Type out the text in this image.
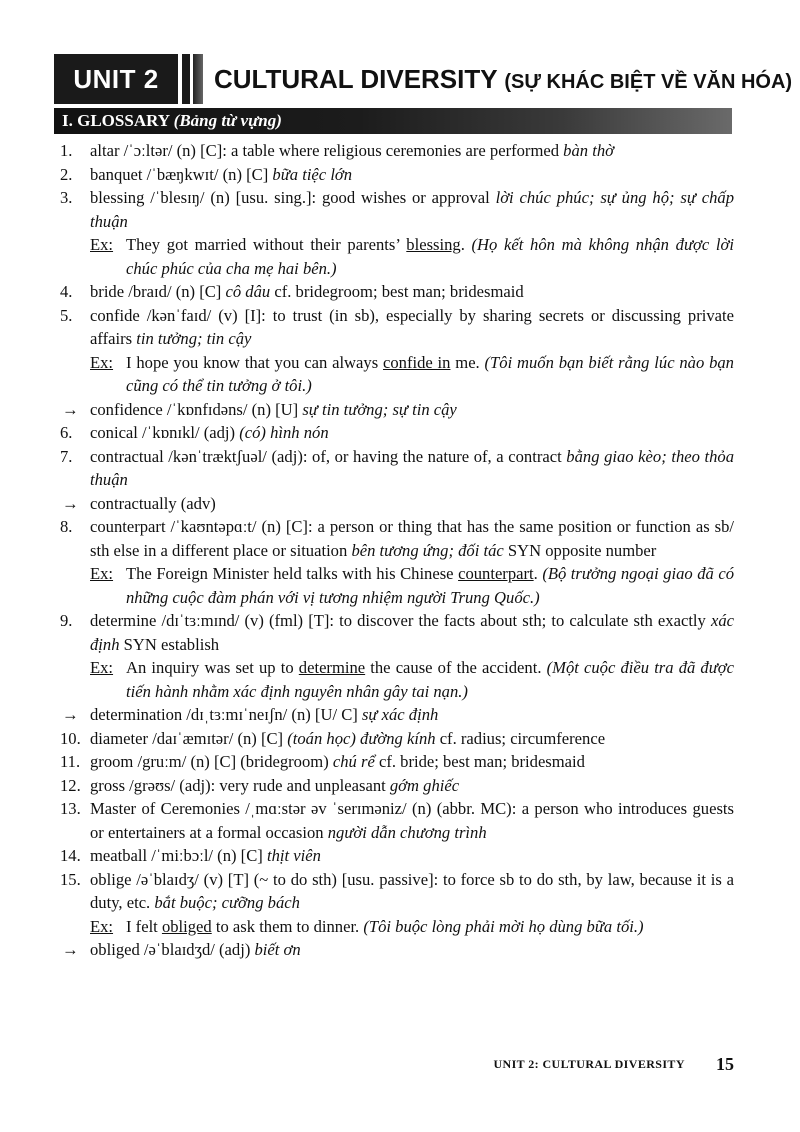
UNIT 2	CULTURAL DIVERSITY (SỰ KHÁC BIỆT VỀ VĂN HÓA)
I. GLOSSARY (Bảng từ vựng)
1.	altar /ˈɔːltər/ (n) [C]: a table where religious ceremonies are performed bàn thờ
2.	banquet /ˈbæŋkwɪt/ (n) [C] bữa tiệc lớn
3.	blessing /ˈblesɪŋ/ (n) [usu. sing.]: good wishes or approval lời chúc phúc; sự ủng hộ; sự chấp thuận
Ex: They got married without their parents’ blessing. (Họ kết hôn mà không nhận được lời chúc phúc của cha mẹ hai bên.)
4.	bride /braɪd/ (n) [C] cô dâu cf. bridegroom; best man; bridesmaid
5.	confide /kənˈfaɪd/ (v) [I]: to trust (in sb), especially by sharing secrets or discussing private affairs tin tưởng; tin cậy
Ex: I hope you know that you can always confide in me. (Tôi muốn bạn biết rằng lúc nào bạn cũng có thể tin tưởng ở tôi.)
→ confidence /ˈkɒnfɪdəns/ (n) [U] sự tin tưởng; sự tin cậy
6.	conical /ˈkɒnɪkl/ (adj) (có) hình nón
7.	contractual /kənˈtræktʃuəl/ (adj): of, or having the nature of, a contract bằng giao kèo; theo thỏa thuận
→ contractually (adv)
8.	counterpart /ˈkaʊntəpɑːt/ (n) [C]: a person or thing that has the same position or function as sb/ sth else in a different place or situation bên tương ứng; đối tác SYN opposite number
Ex: The Foreign Minister held talks with his Chinese counterpart. (Bộ trưởng ngoại giao đã có những cuộc đàm phán với vị tương nhiệm người Trung Quốc.)
9.	determine /dɪˈtɜːmɪnd/ (v) (fml) [T]: to discover the facts about sth; to calculate sth exactly xác định SYN establish
Ex: An inquiry was set up to determine the cause of the accident. (Một cuộc điều tra đã được tiến hành nhằm xác định nguyên nhân gây tai nạn.)
→ determination /dɪˌtɜːmɪˈneɪʃn/ (n) [U/ C] sự xác định
10. diameter /daɪˈæmɪtər/ (n) [C] (toán học) đường kính cf. radius; circumference
11. groom /gruːm/ (n) [C] (bridegroom) chú rể cf. bride; best man; bridesmaid
12. gross /grəʊs/ (adj): very rude and unpleasant gớm ghiếc
13. Master of Ceremonies /ˌmɑːstər əv ˈserɪməniz/ (n) (abbr. MC): a person who introduces guests or entertainers at a formal occasion người dẫn chương trình
14. meatball /ˈmiːbɔːl/ (n) [C] thịt viên
15. oblige /əˈblaɪdʒ/ (v) [T] (~ to do sth) [usu. passive]: to force sb to do sth, by law, because it is a duty, etc. bắt buộc; cưỡng bách
Ex: I felt obliged to ask them to dinner. (Tôi buộc lòng phải mời họ dùng bữa tối.)
→ obliged /əˈblaɪdʒd/ (adj) biết ơn
UNIT 2: CULTURAL DIVERSITY 15
